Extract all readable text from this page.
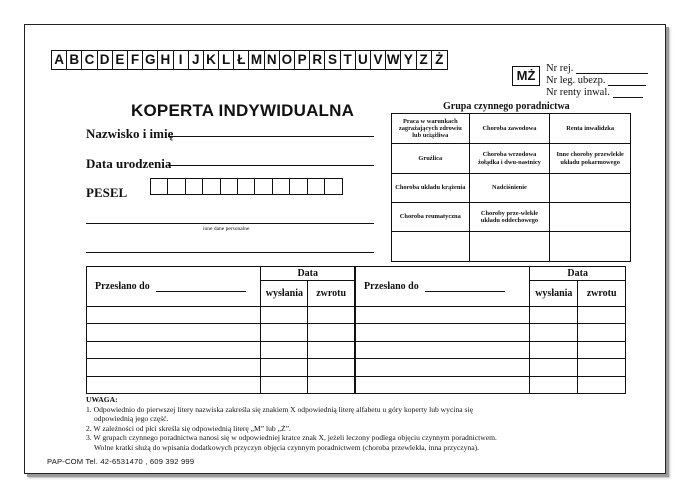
A B C D E F G H I J K L Ł M N O P R S T U V W Y Z Ż
MŻ	Nr rej.
Nr leg. ubezp.
Nr renty inwal.
KOPERTA INDYWIDUALNA
Nazwisko i imię
Data urodzenia
PESEL
inne dane personalne
Grupa czynnego poradnictwa
Praca w warunkach zagrażających zdrowiu lub uciążliwa	Choroba zawodowa	Renta inwalidzka
Gruźlica	Choroba wrzodowa żołądka i dwu-nastnicy	Inne choroby przewlekłe układu pokarmowego
Choroba układu krążenia	Nadciśnienie	
Choroba reumatyczna	Choroby prze-wlekłe układu oddechowego	

Przesłano do	Data	
	wysłania	zwrotu

Przesłano do	Data	
	wysłania	zwrotu

UWAGA:
1. Odpowiednio do pierwszej litery nazwiska zakreśla się znakiem X odpowiednią literę alfabetu u góry koperty lub wycina się
odpowiednią jego część.
2. W zależności od płci skreśla się odpowiednią literę „M” lub „Ż”.
3. W grupach czynnego poradnictwa nanosi się w odpowiedniej kratce znak X, jeżeli leczony podlega objęciu czynnym poradnictwem.
Wolne kratki służą do wpisania dodatkowych przyczyn objęcia czynnym poradnictwem (choroba przewlekła, inna przyczyna).
PAP-COM Tel. 42-6531470 , 609 392 999
